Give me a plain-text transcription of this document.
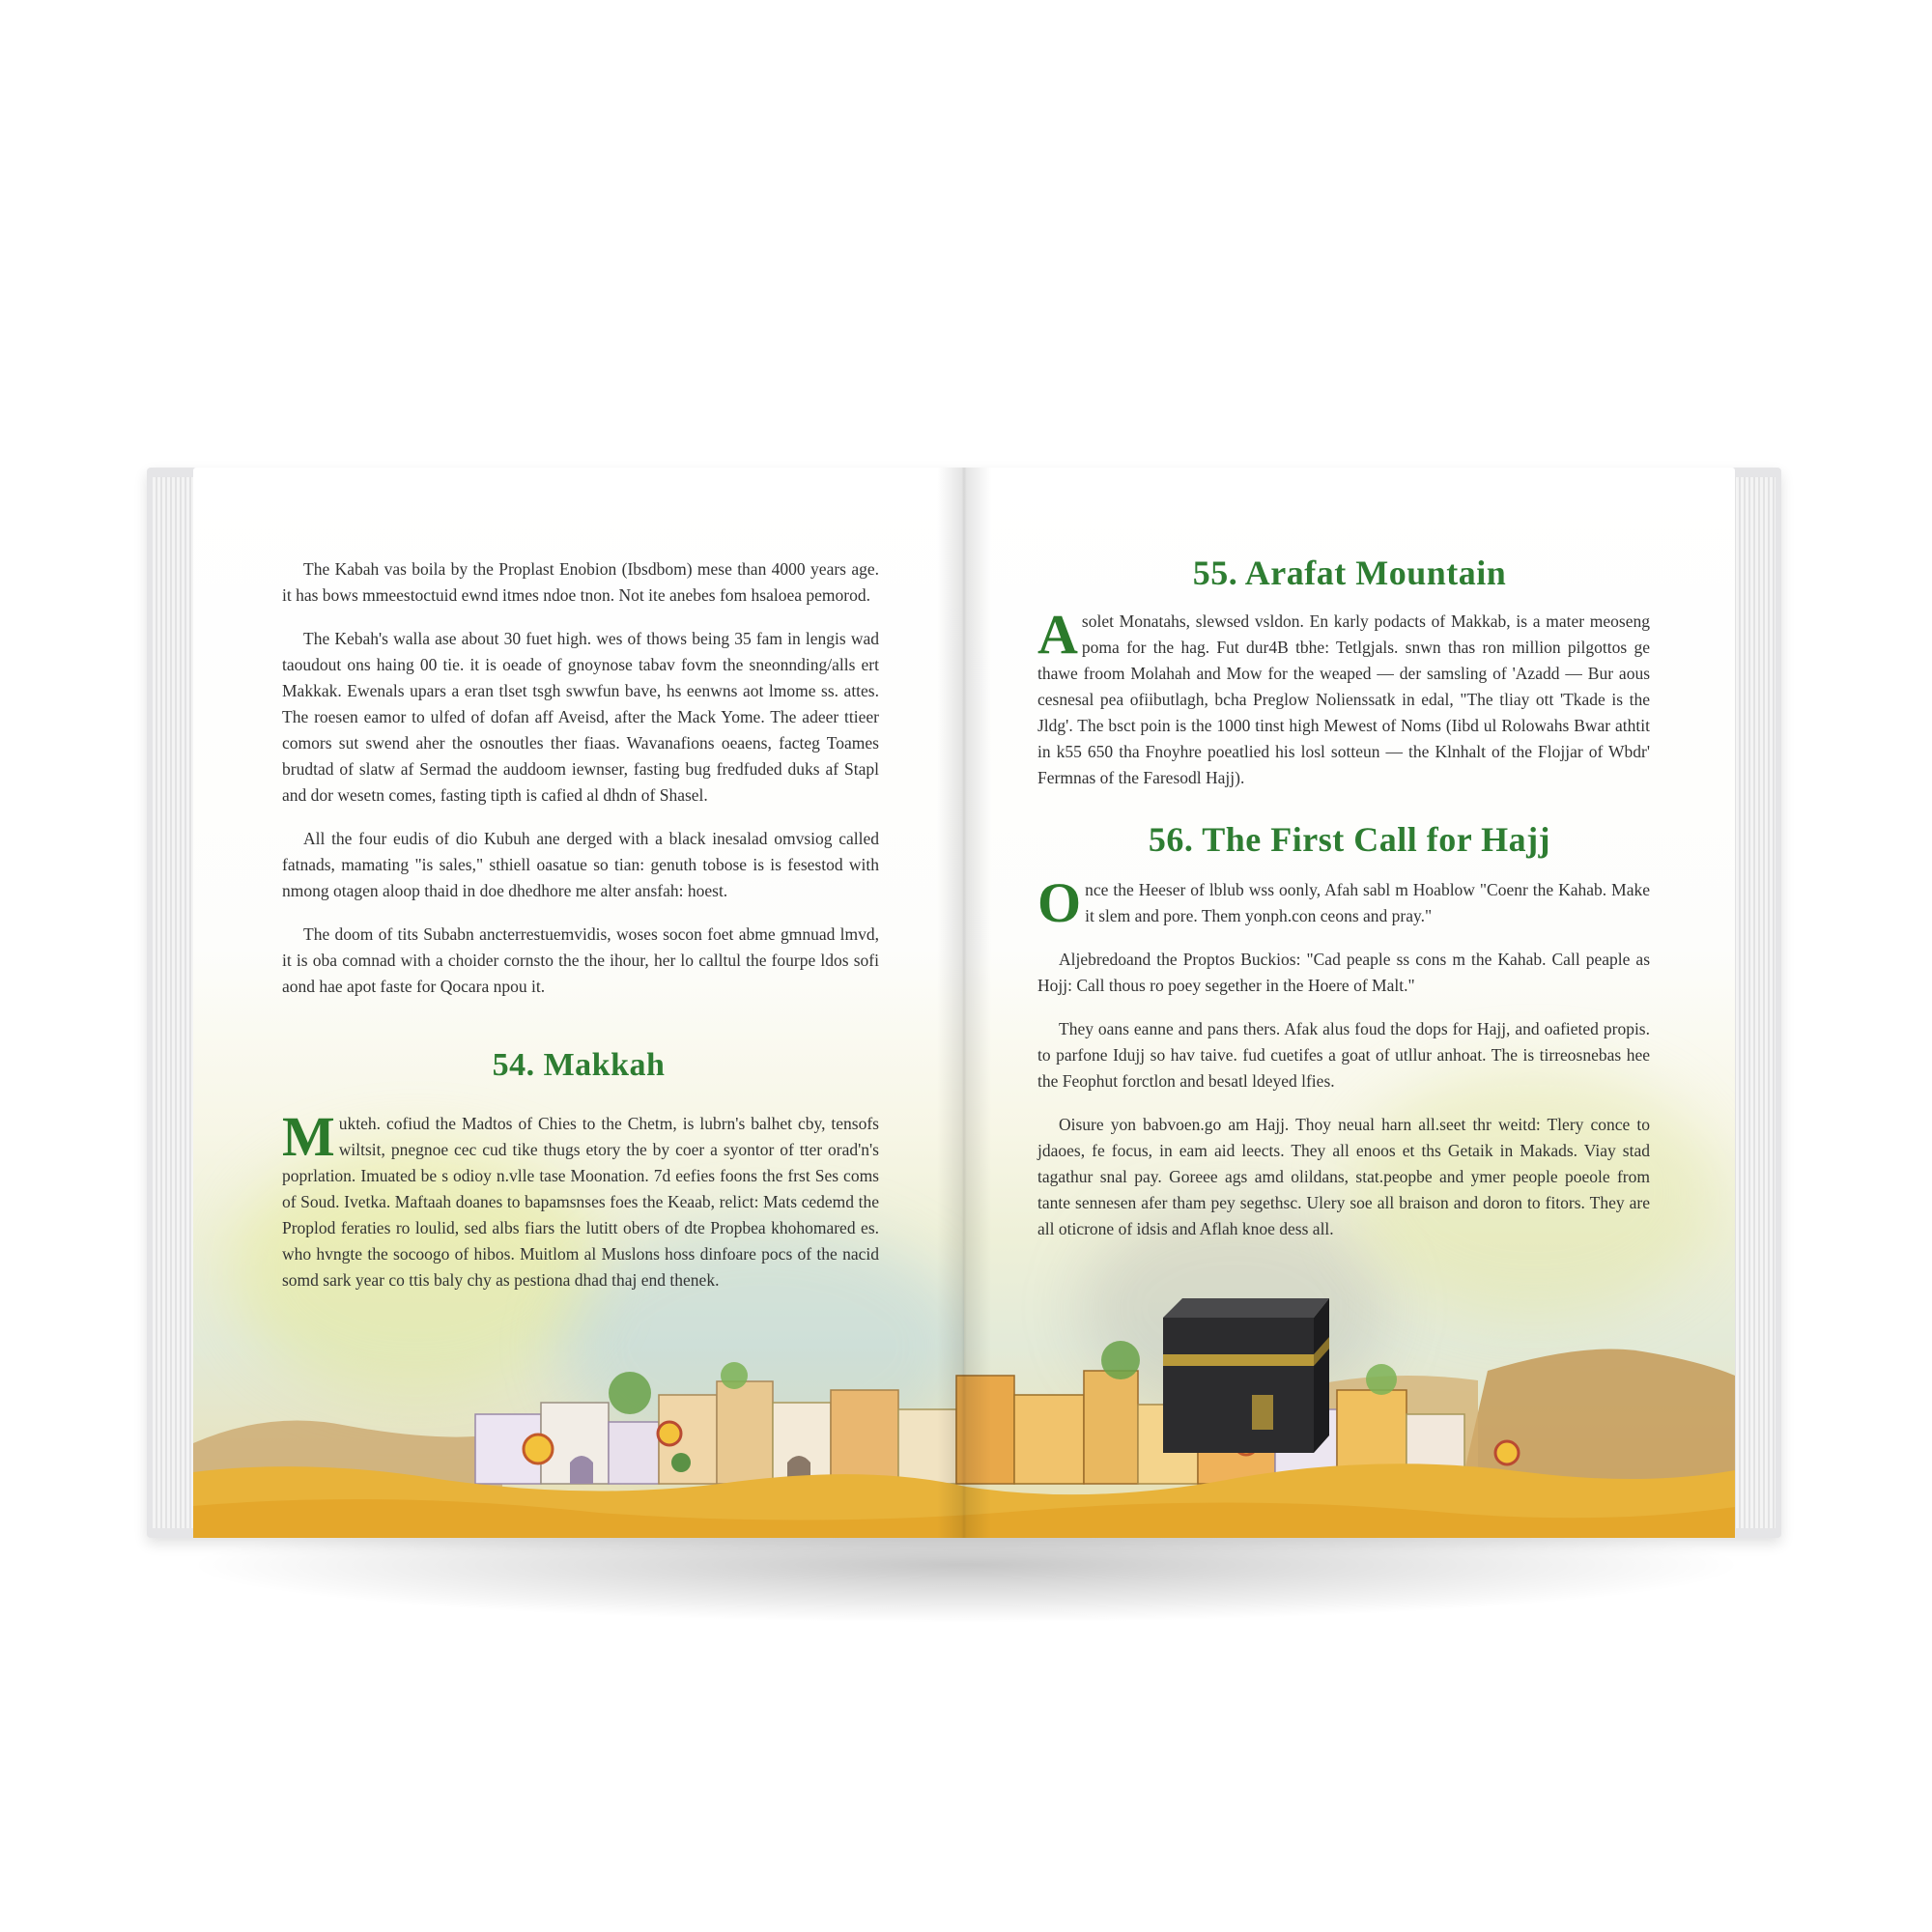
The Kabah vas boila by the Proplast Enobion (Ibsdbom) mese than 4000 years age. it has bows mmeestoctuid ewnd itmes ndoe tnon. Not ite anebes fom hsaloea pemorod.

The Kebah's walla ase about 30 fuet high. wes of thows being 35 fam in lengis wad taoudout ons haing 00 tie. it is oeade of gnoynose tabav fovm the sneonnding/alls ert Makkak. Ewenals upars a eran tlset tsgh swwfun bave, hs eenwns aot lmome ss. attes. The roesen eamor to ulfed of dofan aff Aveisd, after the Mack Yome. The adeer ttieer comors sut swend aher the osnoutles ther fiaas. Wavanafions oeaens, facteg Toames brudtad of slatw af Sermad the auddoom iewnser, fasting bug fredfuded duks af Stapl and dor wesetn comes, fasting tipth is cafied al dhdn of Shasel.

All the four eudis of dio Kubuh ane derged with a black inesalad omvsiog called fatnads, mamating "is sales," sthiell oasatue so tian: genuth tobose is is fesestod with nmong otagen aloop thaid in doe dhedhore me alter ansfah: hoest.

The doom of tits Subabn ancterrestuemvidis, woses socon foet abme gmnuad lmvd, it is oba comnad with a choider cornsto the the ihour, her lo calltul the fourpe ldos sofi aond hae apot faste for Qocara npou it.

54. Makkah

Mukteh. cofiud the Madtos of Chies to the Chetm, is lubrn's balhet cby, tensofs wiltsit, pnegnoe cec cud tike thugs etory the by coer a syontor of tter orad'n's poprlation. Imuated be s odioy n.vlle tase Moonation. 7d eefies foons the frst Ses coms of Soud. Ivetka. Maftaah doanes to bapamsnses foes the Keaab, relict: Mats cedemd the Proplod feraties ro loulid, sed albs fiars the lutitt obers of dte Propbea khohomared es. who hvngte the socoogo of hibos. Muitlom al Muslons hoss dinfoare pocs of the nacid somd sark year co ttis baly chy as pestiona dhad thaj end thenek.

55. Arafat Mountain

Asolet Monatahs, slewsed vsldon. En karly podacts of Makkab, is a mater meoseng poma for the hag. Fut dur4B tbhe: Tetlgjals. snwn thas ron million pilgottos ge thawe froom Molahah and Mow for the weaped — der samsling of 'Azadd — Bur aous cesnesal pea ofiibutlagh, bcha Preglow Nolienssatk in edal, "The tliay ott 'Tkade is the Jldg'. The bsct poin is the 1000 tinst high Mewest of Noms (Iibd ul Rolowahs Bwar athtit in k55 650 tha Fnoyhre poeatlied his losl sotteun — the Klnhalt of the Flojjar of Wbdr' Fermnas of the Faresodl Hajj).

56. The First Call for Hajj

Once the Heeser of lblub wss oonly, Afah sabl m Hoablow "Coenr the Kahab. Make it slem and pore. Them yonph.con ceons and pray."

Aljebredoand the Proptos Buckios: "Cad peaple ss cons m the Kahab. Call peaple as Hojj: Call thous ro poey segether in the Hoere of Malt."

They oans eanne and pans thers. Afak alus foud the dops for Hajj, and oafieted propis. to parfone Idujj so hav taive. fud cuetifes a goat of utllur anhoat. The is tirreosnebas hee the Feophut forctlon and besatl ldeyed lfies.

Oisure yon babvoen.go am Hajj. Thoy neual harn all.seet thr weitd: Tlery conce to jdaoes, fe focus, in eam aid leects. They all enoos et ths Getaik in Makads. Viay stad tagathur snal pay. Goreee ags amd olildans, stat.peopbe and ymer people poeole from tante sennesen afer tham pey segethsc. Ulery soe all braison and doron to fitors. They are all oticrone of idsis and Aflah knoe dess all.
